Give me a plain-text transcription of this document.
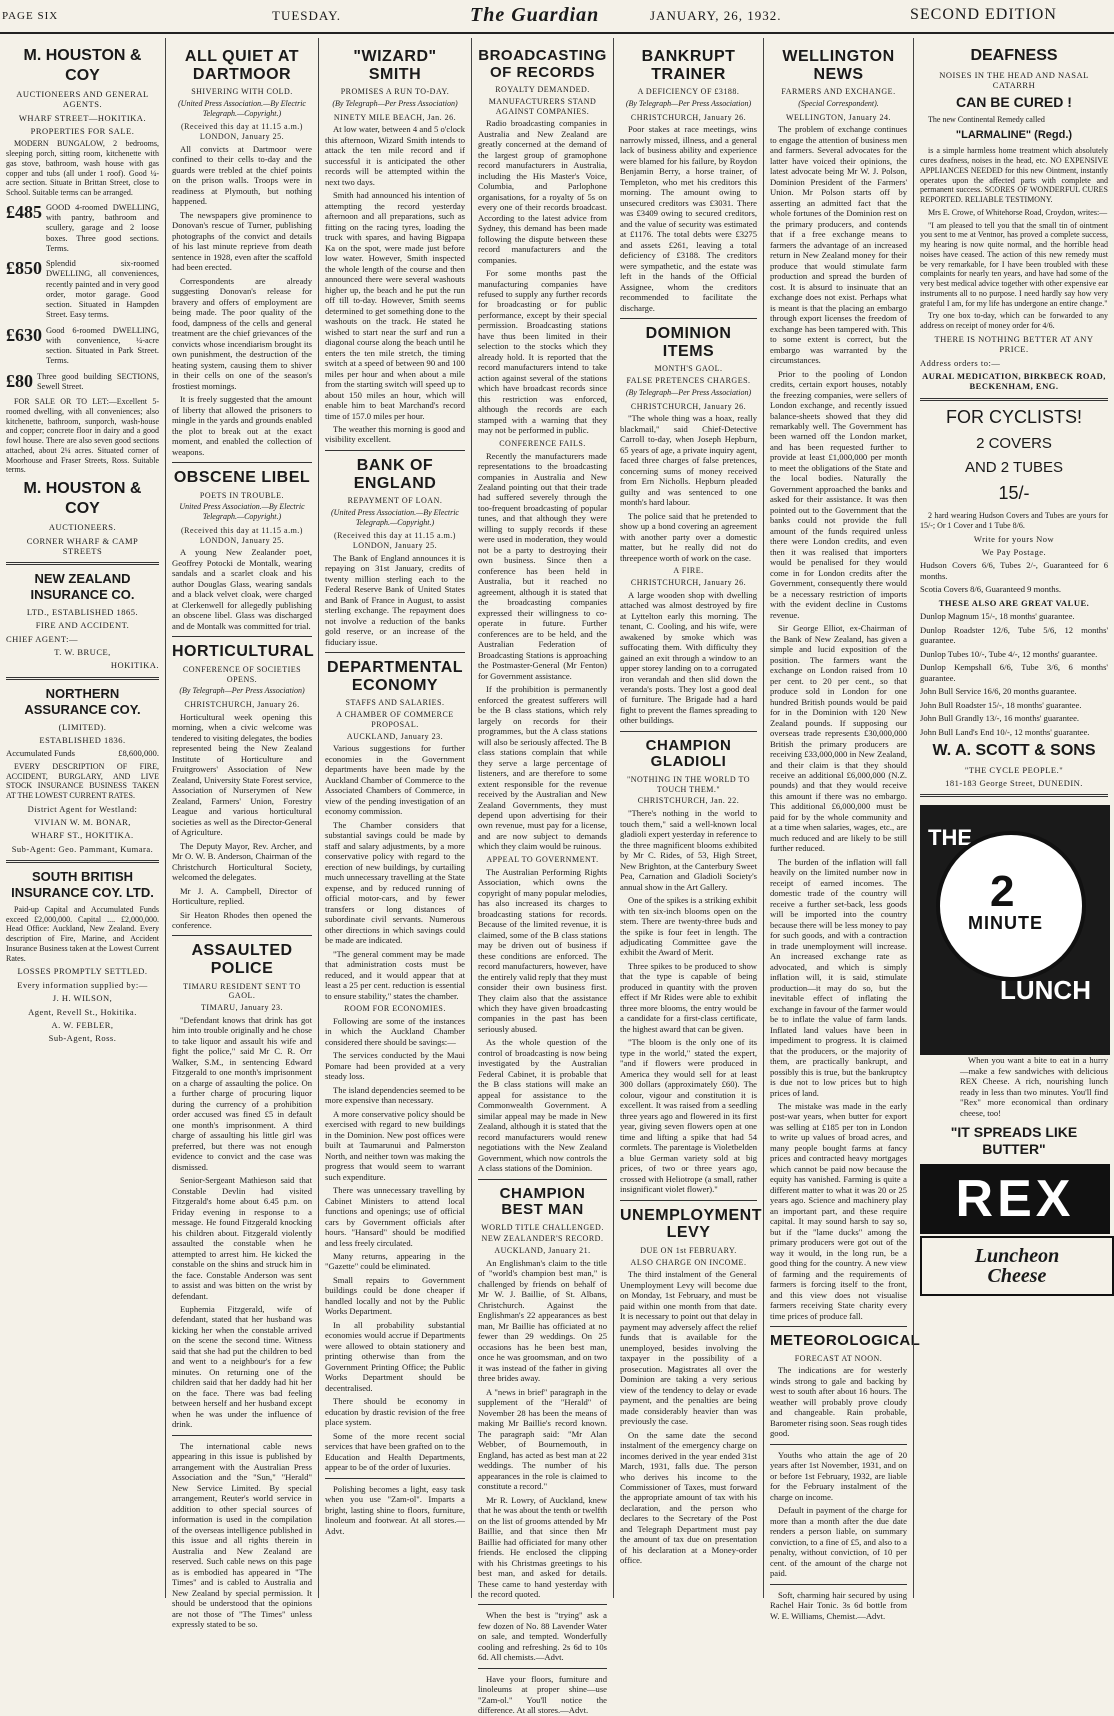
PAGE SIX	TUESDAY.	The Guardian	JANUARY, 26, 1932.	SECOND EDITION
M. HOUSTON & COY
AUCTIONEERS AND GENERAL AGENTS.
WHARF STREET—HOKITIKA.
PROPERTIES FOR SALE.

MODERN BUNGALOW, 2 bedrooms, sleeping porch, sitting room, kitchenette with gas stove, bathroom, wash house with gas copper and tubs (all under 1 roof). Good ¼-acre section. Situate in Brittan Street, close to School. Suitable terms can be arranged.

£485 GOOD 4-roomed DWELLING, with pantry, bathroom and scullery, garage and 2 loose boxes. Three good sections. Terms.
£850 Splendid six-roomed DWELLING, all conveniences, recently painted and in very good order, motor garage. Good section. Situated in Hampden Street. Easy terms.
£630 Good 6-roomed DWELLING, with convenience, ¼-acre section. Situated in Park Street. Terms.
£80 Three good building SECTIONS, Sewell Street.

FOR SALE OR TO LET:—Excellent 5-roomed dwelling, with all conveniences; also kitchenette, bathroom, sunporch, wash-house and copper; concrete floor in dairy and a good fowl house. There are also seven good sections attached, about 2¼ acres. Situated corner of Moorhouse and Fraser Streets, Ross. Suitable terms.

M. HOUSTON & COY
AUCTIONEERS.
CORNER WHARF & CAMP STREETS
NEW ZEALAND INSURANCE CO.
LTD., ESTABLISHED 1865.
FIRE AND ACCIDENT.
CHIEF AGENT:—
T. W. BRUCE,
HOKITIKA.
NORTHERN ASSURANCE COY.
(LIMITED).
ESTABLISHED 1836.
Accumulated Funds	£8,600,000.

EVERY DESCRIPTION OF FIRE, ACCIDENT, BURGLARY, AND LIVE STOCK INSURANCE BUSINESS TAKEN AT THE LOWEST CURRENT RATES.

District Agent for Westland:
VIVIAN W. M. BONAR,
WHARF ST., HOKITIKA.
Sub-Agent: Geo. Pammant, Kumara.
SOUTH BRITISH INSURANCE COY. LTD.

Paid-up Capital and Accumulated Funds exceed £2,000,000. Capital .... £2,000,000. Head Office: Auckland, New Zealand. Every description of Fire, Marine, and Accident Insurance Business taken at the Lowest Current Rates.

LOSSES PROMPTLY SETTLED.
Every information supplied by:—
J. H. WILSON,
Agent, Revell St., Hokitika.
A. W. FEBLER,
Sub-Agent, Ross.
ALL QUIET AT DARTMOOR
SHIVERING WITH COLD.
(United Press Association.—By Electric Telegraph.—Copyright.)
(Received this day at 11.15 a.m.) LONDON, January 25.

All convicts at Dartmoor were confined to their cells to-day and the guards were trebled at the chief points on the prison walls. Troops were in readiness at Plymouth, but nothing happened.

The newspapers give prominence to Donovan's rescue of Turner, publishing photographs of the convict and details of his last minute reprieve from death sentence in 1928, even after the scaffold had been erected.

Correspondents are already suggesting Donovan's release for bravery and offers of employment are being made. The poor quality of the food, dampness of the cells and general treatment are the chief grievances of the convicts whose incendiarism brought its own punishment, the destruction of the heating system, causing them to shiver in their cells on one of the season's frostiest mornings.

It is freely suggested that the amount of liberty that allowed the prisoners to mingle in the yards and grounds enabled the plot to break out at the exact moment, and enabled the collection of weapons.

OBSCENE LIBEL
POETS IN TROUBLE.
United Press Association.—By Electric Telegraph.—Copyright.)
(Received this day at 11.15 a.m.) LONDON, January 25.

A young New Zealander poet, Geoffrey Potocki de Montalk, wearing sandals and a scarlet cloak and his author Douglas Glass, wearing sandals and a black velvet cloak, were charged at Clerkenwell for allegedly publishing an obscene libel. Glass was discharged and de Montalk was committed for trial.

HORTICULTURAL
CONFERENCE OF SOCIETIES OPENS.
(By Telegraph—Per Press Association)
CHRISTCHURCH, January 26.

Horticultural week opening this morning, when a civic welcome was tendered to visiting delegates, the bodies represented being the New Zealand Institute of Horticulture and Fruitgrowers' Association of New Zealand, University State Forest service, Association of Nurserymen of New Zealand, Farmers' Union, Forestry League and various horticultural societies as well as the Director-General of Agriculture.

The Deputy Mayor, Rev. Archer, and Mr O. W. B. Anderson, Chairman of the Christchurch Horticultural Society, welcomed the delegates.

Mr J. A. Campbell, Director of Horticulture, replied.

Sir Heaton Rhodes then opened the conference.

ASSAULTED POLICE
TIMARU RESIDENT SENT TO GAOL.
TIMARU, January 23.

"Defendant knows that drink has got him into trouble originally and he chose to take liquor and assault his wife and fight the police," said Mr C. R. Orr Walker, S.M., in sentencing Edward Fitzgerald to one month's imprisonment on a charge of assaulting the police. On a further charge of procuring liquor during the currency of a prohibition order accused was fined £5 in default one month's imprisonment. A third charge of assaulting his little girl was preferred, but there was not enough evidence to convict and the case was dismissed.

Senior-Sergeant Mathieson said that Constable Devlin had visited Fitzgerald's home about 6.45 p.m. on Friday evening in response to a message. He found Fitzgerald knocking his children about. Fitzgerald violently assaulted the constable when he attempted to arrest him. He kicked the constable on the shins and struck him in the face. Constable Anderson was sent to assist and was bitten on the wrist by defendant.

Euphemia Fitzgerald, wife of defendant, stated that her husband was kicking her when the constable arrived on the scene the second time. Witness said that she had put the children to bed and went to a neighbour's for a few minutes. On returning one of the children said that her daddy had hit her on the face. There was bad feeling between herself and her husband except when he was under the influence of drink.

The international cable news appearing in this issue is published by arrangement with the Australian Press Association and the "Sun," "Herald" New Service Limited. By special arrangement, Reuter's world service in addition to other special sources of information is used in the compilation of the overseas intelligence published in this issue and all rights therein in Australia and New Zealand are reserved. Such cable news on this page as is embodied has appeared in "The Times" and is cabled to Australia and New Zealand by special permission. It should be understood that the opinions are not those of "The Times" unless expressly stated to be so.

"WIZARD" SMITH
PROMISES A RUN TO-DAY.
(By Telegraph—Per Press Association)
NINETY MILE BEACH, Jan. 26.

At low water, between 4 and 5 o'clock this afternoon, Wizard Smith intends to attack the ten mile record and if successful it is anticipated the other records will be attempted within the next two days.

Smith had announced his intention of attempting the record yesterday afternoon and all preparations, such as fitting on the racing tyres, loading the truck with spares, and having Bigpapa Ka on the spot, were made just before low water. However, Smith inspected the whole length of the course and then announced there were several washouts higher up, the beach and he put the run off till to-day. However, Smith seems determined to get something done to the washouts on the track. He stated he wished to start near the surf and run a diagonal course along the beach until he enters the ten mile stretch, the timing switch at a speed of between 90 and 100 miles per hour and when about a mile from the starting switch will speed up to about 150 miles an hour, which will enable him to beat Marchand's record time of 157.0 miles per hour.

The weather this morning is good and visibility excellent.

BANK OF ENGLAND
REPAYMENT OF LOAN.
(United Press Association.—By Electric Telegraph.—Copyright.)
(Received this day at 11.15 a.m.) LONDON, January 25.

The Bank of England announces it is repaying on 31st January, credits of twenty million sterling each to the Federal Reserve Bank of United States and Bank of France in August, to assist sterling exchange. The repayment does not involve a reduction of the banks gold reserve, or an increase of the fiduciary issue.

DEPARTMENTAL ECONOMY
STAFFS AND SALARIES.
A CHAMBER OF COMMERCE PROPOSAL.
AUCKLAND, January 23.

Various suggestions for further economies in the Government departments have been made by the Auckland Chamber of Commerce to the Associated Chambers of Commerce, in view of the pending investigation of an economy commission.

The Chamber considers that substantial savings could be made by staff and salary adjustments, by a more conservative policy with regard to the erection of new buildings, by curtailing much unnecessary travelling at the State expense, and by reduced running of official motor-cars, and by fewer transfers or long distances of subordinate civil servants. Numerous other directions in which savings could be made are indicated.

"The general comment may be made that administration costs must be reduced, and it would appear that at least a 25 per cent. reduction is essential to ensure stability," states the chamber.

ROOM FOR ECONOMIES.

Following are some of the instances in which the Auckland Chamber considered there should be savings:—

The services conducted by the Maui Pomare had been provided at a very steady loss.

The island dependencies seemed to be more expensive than necessary.

A more conservative policy should be exercised with regard to new buildings in the Dominion. New post offices were built at Taumarunui and Palmerston North, and neither town was making the progress that would seem to warrant such expenditure.

There was unnecessary travelling by Cabinet Ministers to attend local functions and openings; use of official cars by Government officials after hours. "Hansard" should be modified and less freely circulated.

Many returns, appearing in the "Gazette" could be eliminated.

Small repairs to Government buildings could be done cheaper if handled locally and not by the Public Works Department.

In all probability substantial economies would accrue if Departments were allowed to obtain stationery and printing otherwise than from the Government Printing Office; the Public Works Department should be decentralised.

There should be economy in education by drastic revision of the free place system.

Some of the more recent social services that have been grafted on to the Education and Health Departments, appear to be of the order of luxuries.

Polishing becomes a light, easy task when you use "Zam-ol". Imparts a bright, lasting shine to floors, furniture, linoleum and footwear. At all stores.—Advt.

BROADCASTING OF RECORDS
ROYALTY DEMANDED.
MANUFACTURERS STAND AGAINST COMPANIES.

Radio broadcasting companies in Australia and New Zealand are greatly concerned at the demand of the largest group of gramophone record manufacturers in Australia, including the His Master's Voice, Columbia, and Parlophone organisations, for a royalty of 5s on every one of their records broadcast. According to the latest advice from Sydney, this demand has been made following the dispute between these record manufacturers and the companies.

For some months past the manufacturing companies have refused to supply any further records for broadcasting or for public performance, except by their special permission. Broadcasting stations have thus been limited in their selection to the stocks which they already hold. It is reported that the record manufacturers intend to take action against several of the stations which have broadcast records since this restriction was enforced, although the records are each stamped with a warning that they may not be performed in public.

CONFERENCE FAILS.

Recently the manufacturers made representations to the broadcasting companies in Australia and New Zealand pointing out that their trade had suffered severely through the too-frequent broadcasting of popular tunes, and that although they were willing to supply records if these were used in moderation, they would not be a party to destroying their own business. Since then a conference has been held in Australia, but it reached no agreement, although it is stated that the broadcasting companies expressed their willingness to co-operate in future. Further conferences are to be held, and the Australian Federation of Broadcasting Stations is approaching the Postmaster-General (Mr Fenton) for Government assistance.

If the prohibition is permanently enforced the greatest sufferers will be the B class stations, which rely largely on records for their programmes, but the A class stations will also be seriously affected. The B class stations complain that while they serve a large percentage of listeners, and are therefore to some extent responsible for the revenue received by the Australian and New Zealand Governments, they must depend upon advertising for their own revenue, must pay for a license, and are now subject to demands which they claim would be ruinous.

APPEAL TO GOVERNMENT.

The Australian Performing Rights Association, which owns the copyright of many popular melodies, has also increased its charges to broadcasting stations for records. Because of the limited revenue, it is claimed, some of the B class stations may be driven out of business if these conditions are enforced. The record manufacturers, however, have the entirely valid reply that they must consider their own business first. They claim also that the assistance which they have given broadcasting companies in the past has been seriously abused.

As the whole question of the control of broadcasting is now being investigated by the Australian Federal Cabinet, it is probable that the B class stations will make an appeal for assistance to the Commonwealth Government. A similar appeal may be made in New Zealand, although it is stated that the record manufacturers would renew negotiations with the New Zealand Government, which now controls the A class stations of the Dominion.

CHAMPION BEST MAN
WORLD TITLE CHALLENGED.
NEW ZEALANDER'S RECORD.
AUCKLAND, January 21.

An Englishman's claim to the title of "world's champion best man," is challenged by friends on behalf of Mr W. J. Baillie, of St. Albans, Christchurch. Against the Englishman's 22 appearances as best man, Mr Baillie has officiated at no fewer than 29 weddings. On 25 occasions has he been best man, once he was groomsman, and on two it was instead of the father in giving three brides away.

A "news in brief" paragraph in the supplement of the "Herald" of November 28 has been the means of making Mr Baillie's record known. The paragraph said: "Mr Alan Webber, of Bournemouth, in England, has acted as best man at 22 weddings. The number of his appearances in the role is claimed to constitute a record."

Mr R. Lowry, of Auckland, knew that he was about the tenth or twelfth on the list of grooms attended by Mr Baillie, and that since then Mr Baillie had officiated for many other friends. He enclosed the clipping with his Christmas greetings to his best man, and asked for details. These came to hand yesterday with the record quoted.

When the best is "trying" ask a few dozen of No. 88 Lavender Water on sale, and tempted. Wonderfully cooling and refreshing. 2s 6d to 10s 6d. All chemists.—Advt.

Have your floors, furniture and linoleums at proper shine—use "Zam-ol." You'll notice the difference. At all stores.—Advt.

BANKRUPT TRAINER
A DEFICIENCY OF £3188.
(By Telegraph—Per Press Association)
CHRISTCHURCH, January 26.

Poor stakes at race meetings, wins narrowly missed, illness, and a general lack of business ability and experience were blamed for his failure, by Roydon Benjamin Berry, a horse trainer, of Templeton, who met his creditors this morning. The amount owing to unsecured creditors was £3031. There was £3409 owing to secured creditors, and the value of security was estimated at £1176. The total debts were £3275 and assets £261, leaving a total deficiency of £3188. The creditors were sympathetic, and the estate was left in the hands of the Official Assignee, whom the creditors recommended to facilitate the discharge.

DOMINION ITEMS
MONTH'S GAOL.
FALSE PRETENCES CHARGES.
(By Telegraph—Per Press Association)
CHRISTCHURCH, January 26.

"The whole thing was a hoax, really blackmail," said Chief-Detective Carroll to-day, when Joseph Hepburn, 65 years of age, a private inquiry agent, faced three charges of false pretences, concerning sums of money received from Ern Nicholls. Hepburn pleaded guilty and was sentenced to one month's hard labour.

The police said that he pretended to show up a bond covering an agreement with another party over a domestic matter, but he really did not do threepence worth of work on the case.

A FIRE.
CHRISTCHURCH, January 26.

A large wooden shop with dwelling attached was almost destroyed by fire at Lyttelton early this morning. The tenant, C. Cooling, and his wife, were awakened by smoke which was suffocating them. With difficulty they gained an exit through a window to an upper storey landing on to a corrugated iron verandah and then slid down the veranda's posts. They lost a good deal of furniture. The Brigade had a hard fight to prevent the flames spreading to other buildings.

CHAMPION GLADIOLI
"NOTHING IN THE WORLD TO TOUCH THEM."
CHRISTCHURCH, Jan. 22.

"There's nothing in the world to touch them," said a well-known local gladioli expert yesterday in reference to the three magnificent blooms exhibited by Mr C. Rides, of 53, High Street, New Brighton, at the Canterbury Sweet Pea, Carnation and Gladioli Society's annual show in the Art Gallery.

One of the spikes is a striking exhibit with ten six-inch blooms open on the stem. There are twenty-three buds and the spike is four feet in length. The adjudicating Committee gave the exhibit the Award of Merit.

Three spikes to be produced to show that the type is capable of being produced in quantity with the proven effect if Mr Rides were able to exhibit three more blooms, the entry would be a candidate for a first-class certificate, the highest award that can be given.

"The bloom is the only one of its type in the world," stated the expert, "and if flowers were produced in America they would sell for at least 300 dollars (approximately £60). The colour, vigour and constitution it is excellent. It was raised from a seedling three years ago and flowered in its first year, giving seven flowers open at one time and lifting a spike that had 54 cormlets. The parentage is Violetbelden a blue German variety sold at big prices, of two or three years ago, crossed with Heliotrope (a small, rather insignificant violet flower)."

UNEMPLOYMENT LEVY
DUE ON 1st FEBRUARY.
ALSO CHARGE ON INCOME.

The third instalment of the General Unemployment Levy will become due on Monday, 1st February, and must be paid within one month from that date. It is necessary to point out that delay in payment may adversely affect the relief funds that is available for the unemployed, besides involving the taxpayer in the possibility of a prosecution. Magistrates all over the Dominion are taking a very serious view of the tendency to delay or evade payment, and the penalties are being made considerably heavier than was previously the case.

On the same date the second instalment of the emergency charge on incomes derived in the year ended 31st March, 1931, falls due. The person who derives his income to the Commissioner of Taxes, must forward the appropriate amount of tax with his declaration, and the person who declares to the Secretary of the Post and Telegraph Department must pay the amount of tax due on presentation of his declaration at a Money-order office.

WELLINGTON NEWS
FARMERS AND EXCHANGE.
(Special Correspondent).
WELLINGTON, January 24.

The problem of exchange continues to engage the attention of business men and farmers. Several advocates for the latter have voiced their opinions, the latest advocate being Mr W. J. Polson, Dominion President of the Farmers' Union. Mr Polson starts off by asserting an admitted fact that the whole fortunes of the Dominion rest on the primary producers, and contends that if a free exchange means to farmers the advantage of an increased return in New Zealand money for their produce that would stimulate farm production and spread the burden of cost. It is absurd to insinuate that an exchange does not exist. Perhaps what is meant is that the placing an embargo through export licenses the freedom of exchange has been tampered with. This to some extent is correct, but the embargo was warranted by the circumstances.

Prior to the pooling of London credits, certain export houses, notably the freezing companies, were sellers of London exchange, and recently issued balance-sheets showed that they did remarkably well. The Government has been warned off the London market, and has been requested further to provide at least £1,000,000 per month to meet the obligations of the State and the local bodies. Naturally the Government approached the banks and asked for their assistance. It was then pointed out to the Government that the banks could not provide the full amount of the funds required unless there were London credits, and even then it was realised that importers would be penalised for they would come in for London credits after the Government, consequently there would be a necessary restriction of imports with the evident decline in Customs revenue.

Sir George Elliot, ex-Chairman of the Bank of New Zealand, has given a simple and lucid exposition of the position. The farmers want the exchange on London raised from 10 per cent. to 20 per cent., so that produce sold in London for one hundred British pounds would be paid for in the Dominion with 120 New Zealand pounds. If supposing our overseas trade represents £30,000,000 British the primary producers are receiving £33,000,000 in New Zealand, and their claim is that they should receive an additional £6,000,000 (N.Z. pounds) and that they would receive this amount if there was no embargo. This additional £6,000,000 must be paid for by the whole community and at a time when salaries, wages, etc., are much reduced and are likely to be still further reduced.

The burden of the inflation will fall heavily on the limited number now in receipt of earned incomes. The domestic trade of the country will receive a further set-back, less goods will be imported into the country because there will be less money to pay for such goods, and with a contraction in trade unemployment will increase. An increased exchange rate as advocated, and which is simply inflation will, it is said, stimulate production—it may do so, but the inevitable effect of inflating the exchange in favour of the farmer would be to inflate the value of farm lands. Inflated land values have been in impediment to progress. It is claimed that the producers, or the majority of them, are practically bankrupt, and possibly this is true, but the bankruptcy is due not to low prices but to high prices of land.

The mistake was made in the early post-war years, when butter for export was selling at £185 per ton in London to write up values of broad acres, and many people bought farms at fancy prices and contracted heavy mortgages which cannot be paid now because the equity has vanished. Farming is quite a different matter to what it was 20 or 25 years ago. Science and machinery play an important part, and these require capital. It may sound harsh to say so, but if the "lame ducks" among the primary producers were got out of the way it would, in the long run, be a good thing for the country. A new view of farming and the requirements of farmers is forcing itself to the front, and this view does not visualise farmers receiving State charity every time prices of produce fall.

METEOROLOGICAL
FORECAST AT NOON.

The indications are for westerly winds strong to gale and backing by west to south after about 16 hours. The weather will probably prove cloudy and changeable. Rain probable, Barometer rising soon. Seas rough tides good.

Youths who attain the age of 20 years after 1st November, 1931, and on or before 1st February, 1932, are liable for the February instalment of the charge on income.

Default in payment of the charge for more than a month after the due date renders a person liable, on summary conviction, to a fine of £5, and also to a penalty, without conviction, of 10 per cent. of the amount of the charge not paid.

Soft, charming hair secured by using Rachel Hair Tonic. 3s 6d bottle from W. E. Williams, Chemist.—Advt.

DEAFNESS
NOISES IN THE HEAD AND NASAL CATARRH
CAN BE CURED !

The new Continental Remedy called

"LARMALINE" (Regd.)

is a simple harmless home treatment which absolutely cures deafness, noises in the head, etc. NO EXPENSIVE APPLIANCES NEEDED for this new Ointment, instantly operates upon the affected parts with complete and permanent success. SCORES OF WONDERFUL CURES REPORTED. RELIABLE TESTIMONY.

Mrs E. Crowe, of Whitehorse Road, Croydon, writes:—

"I am pleased to tell you that the small tin of ointment you sent to me at Ventnor, has proved a complete success, my hearing is now quite normal, and the horrible head noises have ceased. The action of this new remedy must be very remarkable, for I have been troubled with these complaints for nearly ten years, and have had some of the very best medical advice together with other expensive ear instruments all to no purpose. I need hardly say how very grateful I am, for my life has undergone an entire change."

Try one box to-day, which can be forwarded to any address on receipt of money order for 4/6.

THERE IS NOTHING BETTER AT ANY PRICE.
Address orders to:—
AURAL MEDICATION, BIRKBECK ROAD, BECKENHAM, ENG.
FOR CYCLISTS!
2 COVERS
AND 2 TUBES
15/-

2 hard wearing Hudson Covers and Tubes are yours for 15/-; Or 1 Cover and 1 Tube 8/6.

Write for yours Now
We Pay Postage.
Hudson Covers 6/6, Tubes 2/-, Guaranteed for 6 months.
Scotia Covers 8/6, Guaranteed 9 months.
THESE ALSO ARE GREAT VALUE.
Dunlop Magnum 15/-, 18 months' guarantee.
Dunlop Roadster 12/6, Tube 5/6, 12 months' guarantee.
Dunlop Tubes 10/-, Tube 4/-, 12 months' guarantee.
Dunlop Kempshall 6/6, Tube 3/6, 6 months' guarantee.
John Bull Service 16/6, 20 months guarantee.
John Bull Roadster 15/-, 18 months' guarantee.
John Bull Grandly 13/-, 16 months' guarantee.
John Bull Land's End 10/-, 12 months' guarantee.
W. A. SCOTT & SONS
"THE CYCLE PEOPLE."
181-183 George Street, DUNEDIN.
THE
2
MINUTE
LUNCH

When you want a bite to eat in a hurry—make a few sandwiches with delicious REX Cheese. A rich, nourishing lunch ready in less than two minutes. You'll find "Rex" more economical than ordinary cheese, too!

"IT SPREADS LIKE BUTTER"
REX
Luncheon
Cheese
